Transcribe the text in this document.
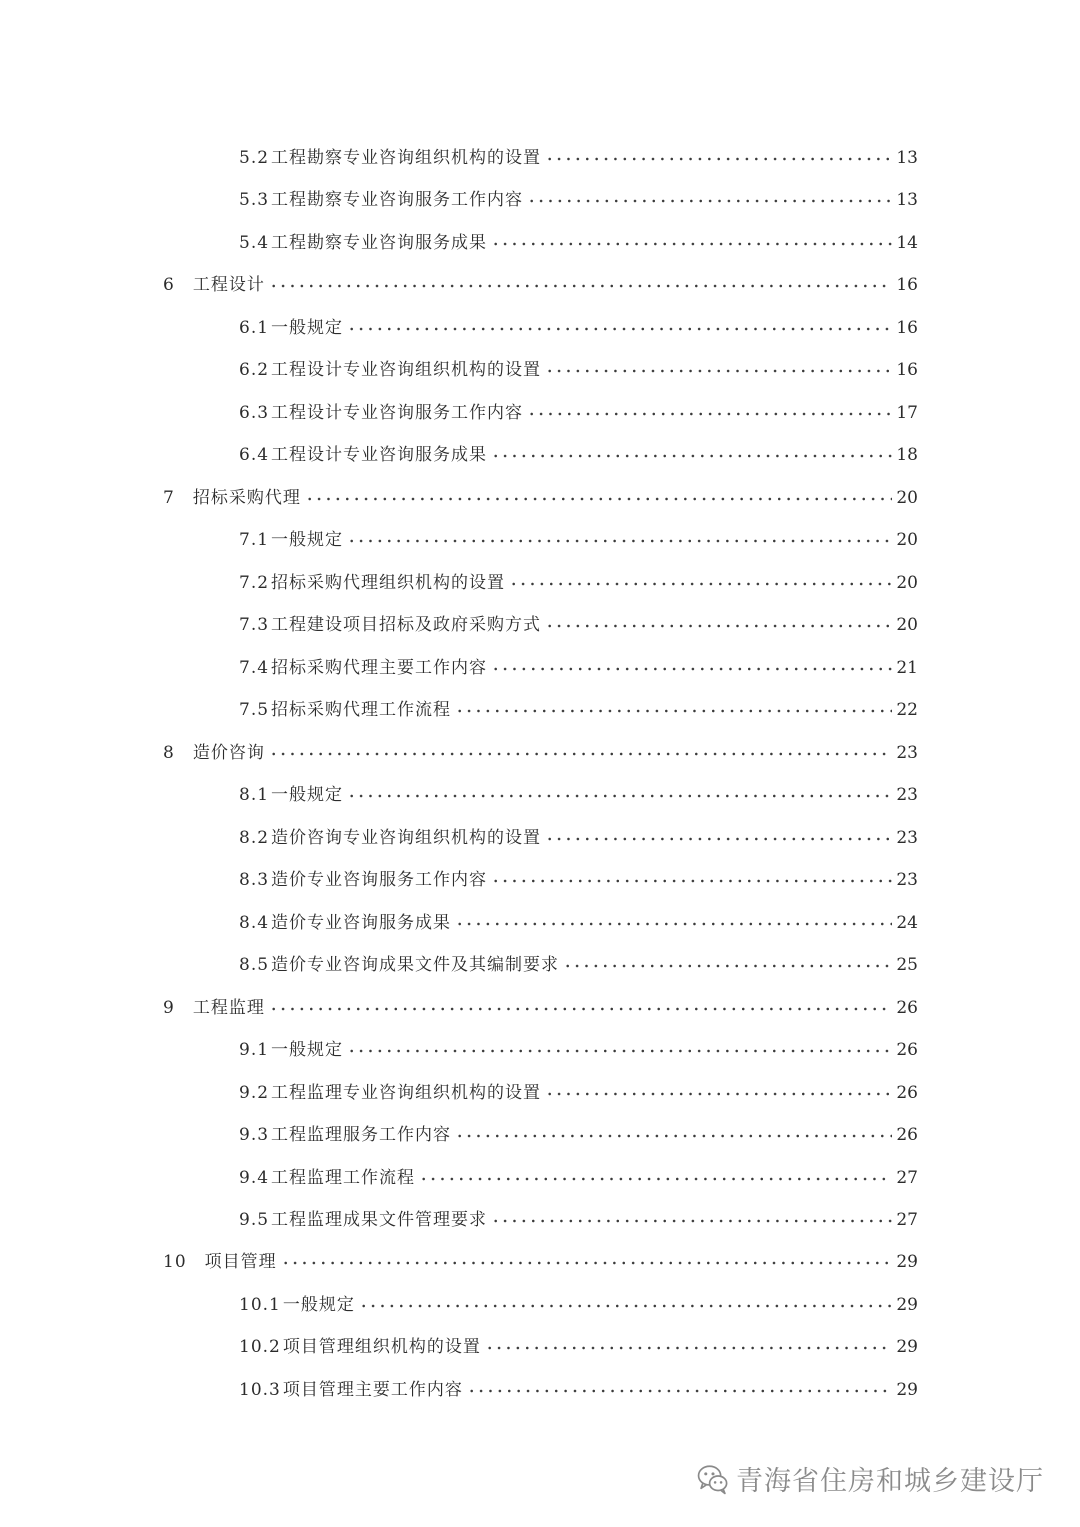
5.2 工程勘察专业咨询组织机构的设置	13
5.3 工程勘察专业咨询服务工作内容	13
5.4 工程勘察专业咨询服务成果	14
6 工程设计	16
6.1 一般规定	16
6.2 工程设计专业咨询组织机构的设置	16
6.3 工程设计专业咨询服务工作内容	17
6.4 工程设计专业咨询服务成果	18
7 招标采购代理	20
7.1 一般规定	20
7.2 招标采购代理组织机构的设置	20
7.3 工程建设项目招标及政府采购方式	20
7.4 招标采购代理主要工作内容	21
7.5 招标采购代理工作流程	22
8 造价咨询	23
8.1 一般规定	23
8.2 造价咨询专业咨询组织机构的设置	23
8.3 造价专业咨询服务工作内容	23
8.4 造价专业咨询服务成果	24
8.5 造价专业咨询成果文件及其编制要求	25
9 工程监理	26
9.1 一般规定	26
9.2 工程监理专业咨询组织机构的设置	26
9.3 工程监理服务工作内容	26
9.4 工程监理工作流程	27
9.5 工程监理成果文件管理要求	27
10 项目管理	29
10.1 一般规定	29
10.2 项目管理组织机构的设置	29
10.3 项目管理主要工作内容	29
青海省住房和城乡建设厅
